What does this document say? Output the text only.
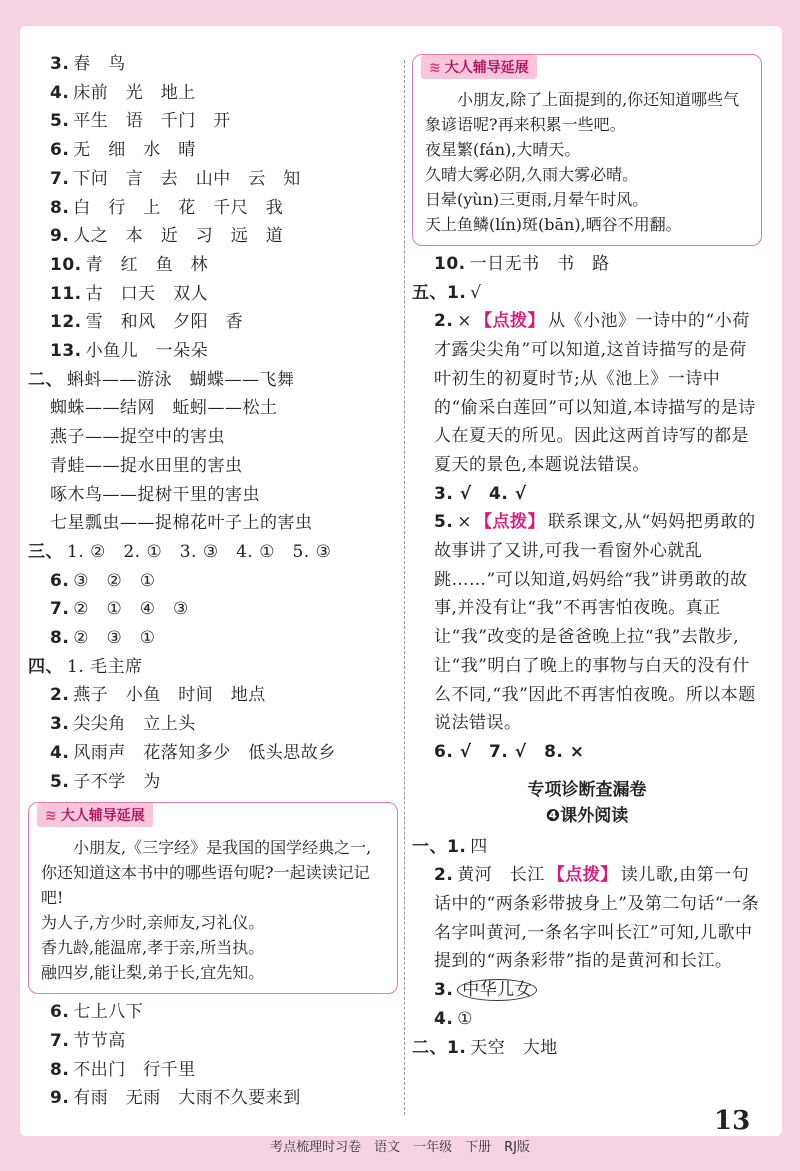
3. 春　鸟
4. 床前　光　地上
5. 平生　语　千门　开
6. 无　细　水　晴
7. 下问　言　去　山中　云　知
8. 白　行　上　花　千尺　我
9. 人之　本　近　习　远　道
10. 青　红　鱼　林
11. 古　口天　双人
12. 雪　和风　夕阳　香
13. 小鱼儿　一朵朵
二、 蝌蚪——游泳　蝴蝶——飞舞
蜘蛛——结网　蚯蚓——松土
燕子——捉空中的害虫
青蛙——捉水田里的害虫
啄木鸟——捉树干里的害虫
七星瓢虫——捉棉花叶子上的害虫
三、 1. ②　2. ①　3. ③　4. ①　5. ③
6. ③　②　①
7. ②　①　④　③
8. ②　③　①
四、 1. 毛主席
2. 燕子　小鱼　时间　地点
3. 尖尖角　立上头
4. 风雨声　花落知多少　低头思故乡
5. 子不学　为
≋ 大人辅导延展

小朋友,《三字经》是我国的国学经典之一,你还知道这本书中的哪些语句呢?一起读读记记吧!

为人子,方少时,亲师友,习礼仪。

香九龄,能温席,孝于亲,所当执。

融四岁,能让梨,弟于长,宜先知。

6. 七上八下
7. 节节高
8. 不出门　行千里
9. 有雨　无雨　大雨不久要来到
≋ 大人辅导延展

小朋友,除了上面提到的,你还知道哪些气象谚语呢?再来积累一些吧。

夜星繁(fán),大晴天。

久晴大雾必阴,久雨大雾必晴。

日晕(yùn)三更雨,月晕午时风。

天上鱼鳞(lín)斑(bān),晒谷不用翻。

10. 一日无书　书　路
五、1. √
2. × 【点拨】 从《小池》一诗中的“小荷才露尖尖角”可以知道,这首诗描写的是荷叶初生的初夏时节;从《池上》一诗中的“偷采白莲回”可以知道,本诗描写的是诗人在夏天的所见。因此这两首诗写的都是夏天的景色,本题说法错误。
3. √　4. √
5. × 【点拨】 联系课文,从“妈妈把勇敢的故事讲了又讲,可我一看窗外心就乱跳……”可以知道,妈妈给“我”讲勇敢的故事,并没有让“我”不再害怕夜晚。真正让“我”改变的是爸爸晚上拉“我”去散步,让“我”明白了晚上的事物与白天的没有什么不同,“我”因此不再害怕夜晚。所以本题说法错误。
6. √　7. √　8. ×
专项诊断查漏卷
❹课外阅读
一、1. 四
2. 黄河　长江 【点拨】 读儿歌,由第一句话中的“两条彩带披身上”及第二句话“一条名字叫黄河,一条名字叫长江”可知,儿歌中提到的“两条彩带”指的是黄河和长江。
3. 中华儿女
4. ①
二、1. 天空　大地
13
考点梳理时习卷　语文　一年级　下册　RJ版
